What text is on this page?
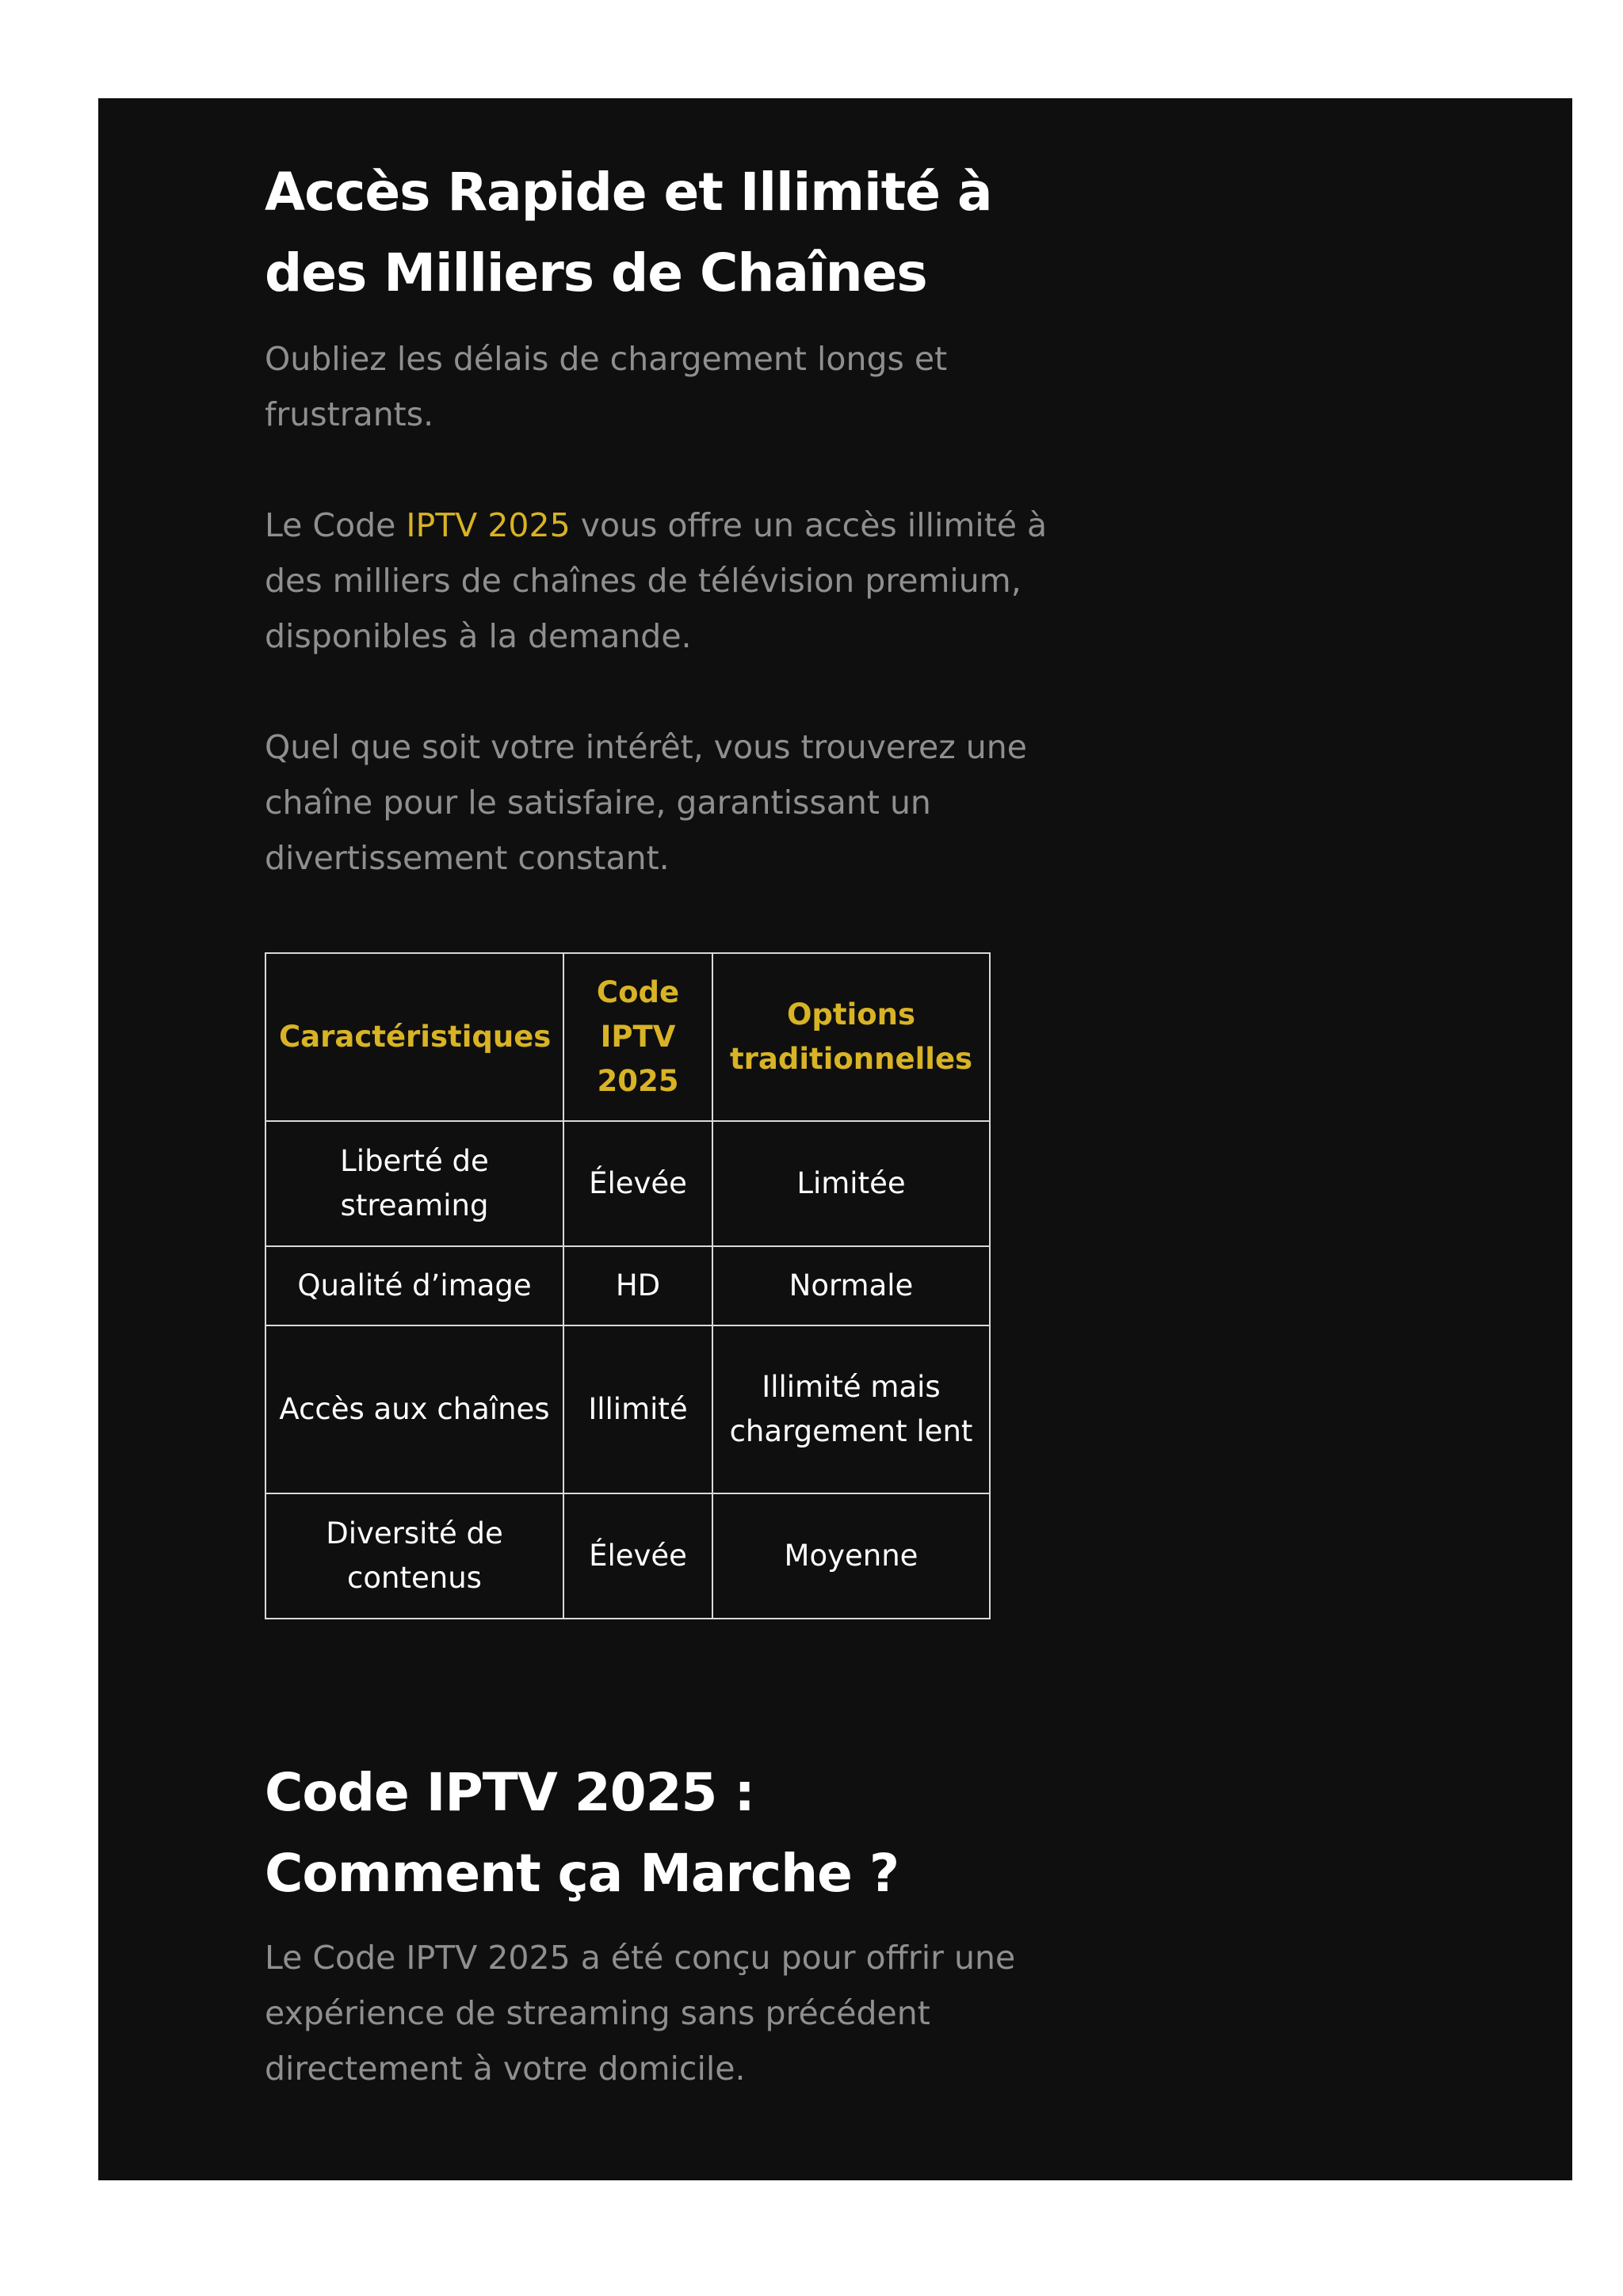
Accès Rapide et Illimité à
des Milliers de Chaînes

Oubliez les délais de chargement longs et frustrants.

Le Code IPTV 2025 vous offre un accès illimité à des milliers de chaînes de télévision premium, disponibles à la demande.

Quel que soit votre intérêt, vous trouverez une chaîne pour le satisfaire, garantissant un divertissement constant.

Caractéristiques	Code IPTV 2025	Options traditionnelles
Liberté de streaming	Élevée	Limitée
Qualité d’image	HD	Normale
Accès aux chaînes	Illimité	Illimité mais chargement lent
Diversité de contenus	Élevée	Moyenne
Code IPTV 2025 :
Comment ça Marche ?

Le Code IPTV 2025 a été conçu pour offrir une expérience de streaming sans précédent directement à votre domicile.
